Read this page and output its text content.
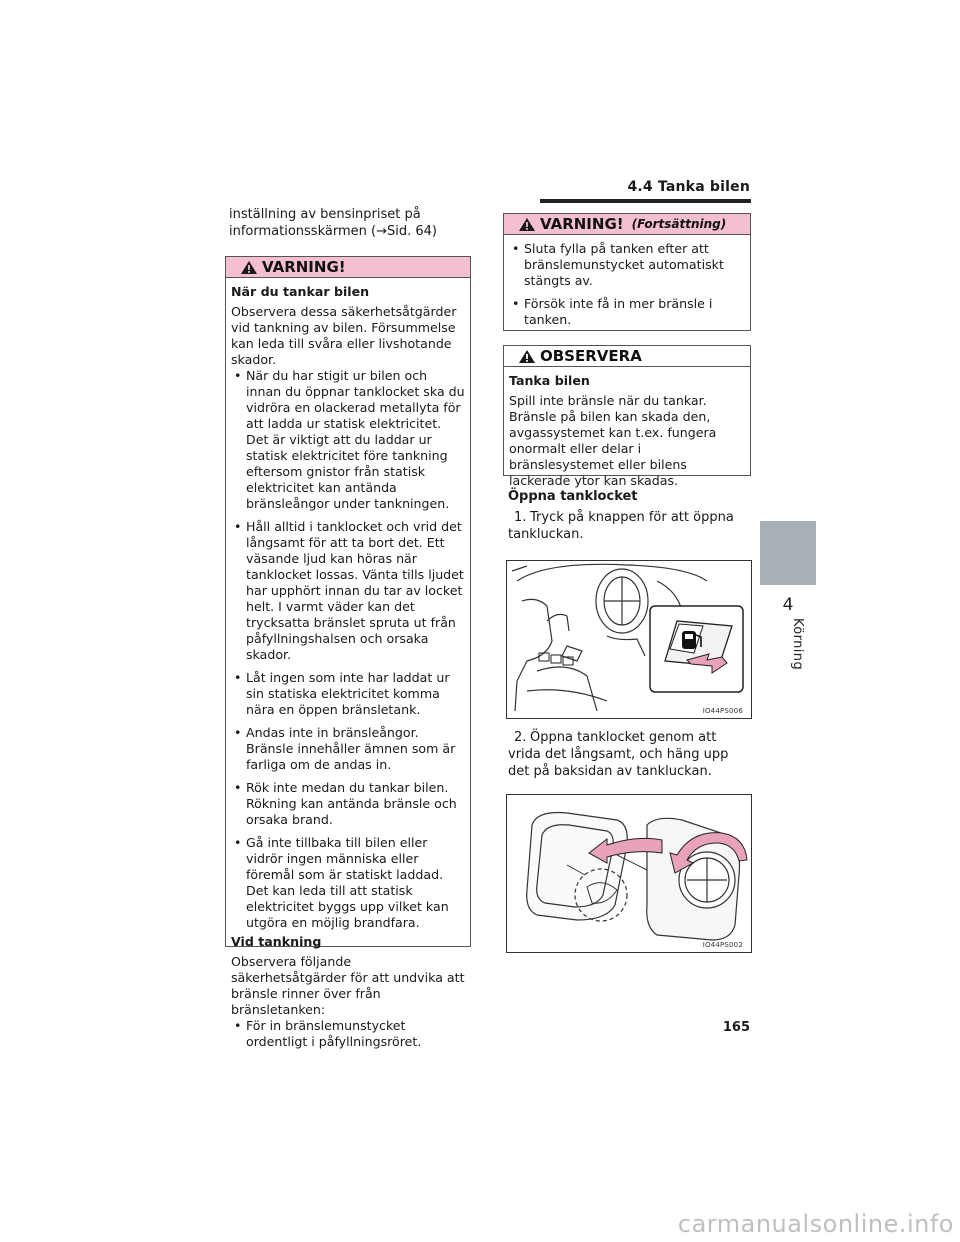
4.4 Tanka bilen
4
Körning
inställning av bensinpriset på informationsskärmen (→Sid. 64)
VARNING!
När du tankar bilen
Observera dessa säkerhetsåtgärder vid tankning av bilen. Försummelse kan leda till svåra eller livshotande skador.
• När du har stigit ur bilen och innan du öppnar tanklocket ska du vidröra en olackerad metallyta för att ladda ur statisk elektricitet. Det är viktigt att du laddar ur statisk elektricitet före tankning eftersom gnistor från statisk elektricitet kan antända bränsleångor under tankningen.
• Håll alltid i tanklocket och vrid det långsamt för att ta bort det. Ett väsande ljud kan höras när tanklocket lossas. Vänta tills ljudet har upphört innan du tar av locket helt. I varmt väder kan det trycksatta bränslet spruta ut från påfyllningshalsen och orsaka skador.
• Låt ingen som inte har laddat ur sin statiska elektricitet komma nära en öppen bränsletank.
• Andas inte in bränsleångor. Bränsle innehåller ämnen som är farliga om de andas in.
• Rök inte medan du tankar bilen. Rökning kan antända bränsle och orsaka brand.
• Gå inte tillbaka till bilen eller vidrör ingen människa eller föremål som är statiskt laddad. Det kan leda till att statisk elektricitet byggs upp vilket kan utgöra en möjlig brandfara.
Vid tankning
Observera följande säkerhetsåtgärder för att undvika att bränsle rinner över från bränsletanken:
• För in bränslemunstycket ordentligt i påfyllningsröret.
VARNING! (Fortsättning)
• Sluta fylla på tanken efter att bränslemunstycket automatiskt stängts av.
• Försök inte få in mer bränsle i tanken.
OBSERVERA
Tanka bilen
Spill inte bränsle när du tankar. Bränsle på bilen kan skada den, avgassystemet kan t.ex. fungera onormalt eller delar i bränslesystemet eller bilens lackerade ytor kan skadas.
Öppna tanklocket
1. Tryck på knappen för att öppna tankluckan.
IO44PS006
2. Öppna tanklocket genom att vrida det långsamt, och häng upp det på baksidan av tankluckan.
IO44PS002
165
carmanualsonline.info
